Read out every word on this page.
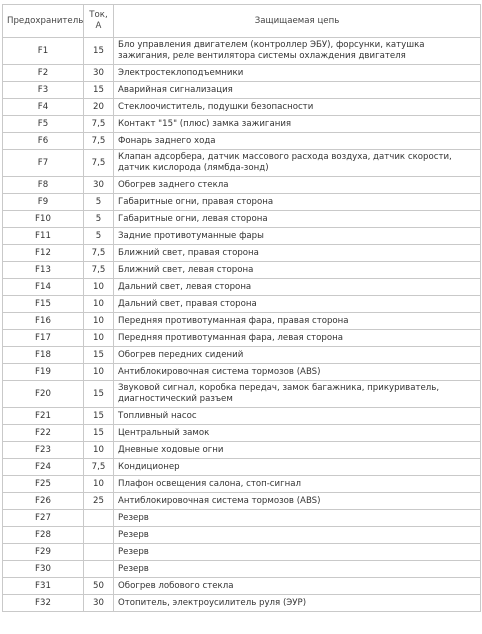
Предохранитель	Ток, А	Защищаемая цепь
F1	15	Бло управления двигателем (контроллер ЭБУ), форсунки, катушка зажигания, реле вентилятора системы охлаждения двигателя
F2	30	Электростеклоподъемники
F3	15	Аварийная сигнализация
F4	20	Стеклоочиститель, подушки безопасности
F5	7,5	Контакт "15" (плюс) замка зажигания
F6	7,5	Фонарь заднего хода
F7	7,5	Клапан адсорбера, датчик массового расхода воздуха, датчик скорости, датчик кислорода (лямбда-зонд)
F8	30	Обогрев заднего стекла
F9	5	Габаритные огни, правая сторона
F10	5	Габаритные огни, левая сторона
F11	5	Задние противотуманные фары
F12	7,5	Ближний свет, правая сторона
F13	7,5	Ближний свет, левая сторона
F14	10	Дальний свет, левая сторона
F15	10	Дальний свет, правая сторона
F16	10	Передняя противотуманная фара, правая сторона
F17	10	Передняя противотуманная фара, левая сторона
F18	15	Обогрев передних сидений
F19	10	Антиблокировочная система тормозов (ABS)
F20	15	Звуковой сигнал, коробка передач, замок багажника, прикуриватель, диагностический разъем
F21	15	Топливный насос
F22	15	Центральный замок
F23	10	Дневные ходовые огни
F24	7,5	Кондиционер
F25	10	Плафон освещения салона, стоп-сигнал
F26	25	Антиблокировочная система тормозов (ABS)
F27		Резерв
F28		Резерв
F29		Резерв
F30		Резерв
F31	50	Обогрев лобового стекла
F32	30	Отопитель, электроусилитель руля (ЭУР)
